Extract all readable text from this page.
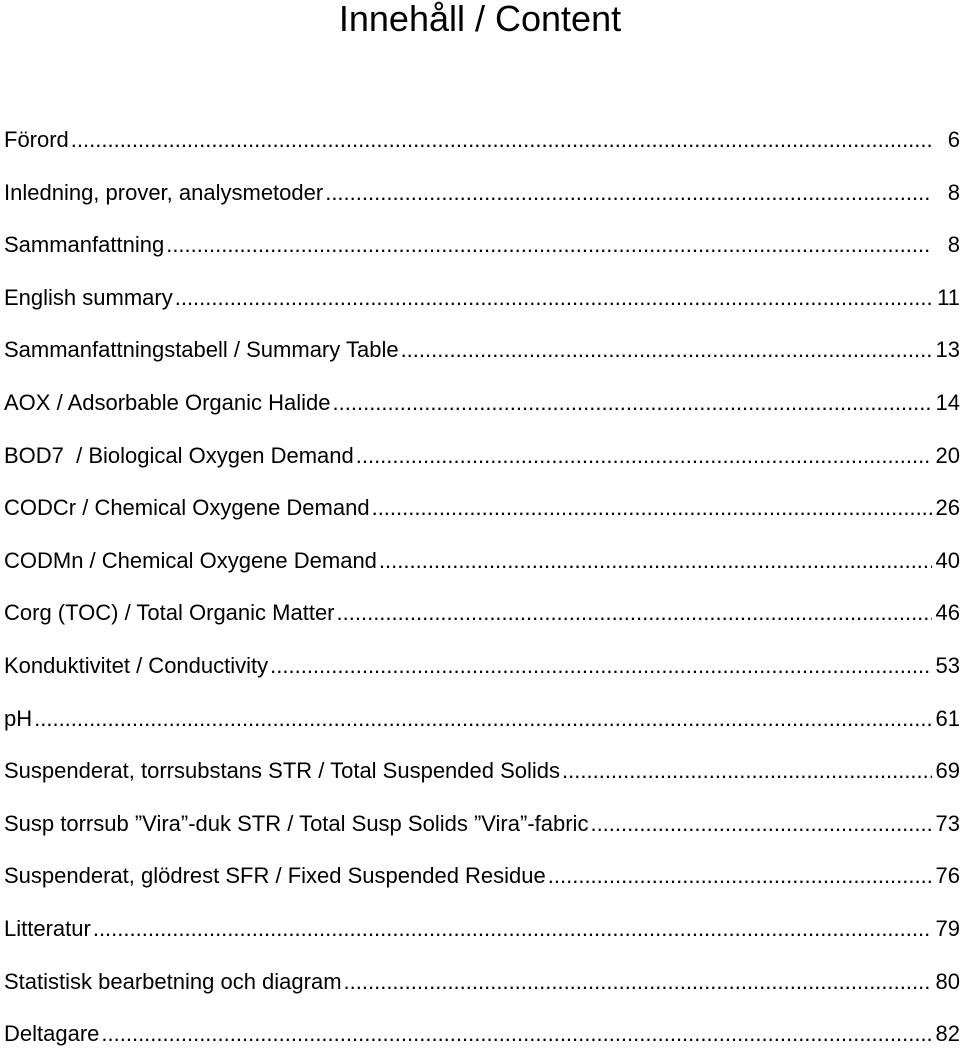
Innehåll / Content
Förord .....	6
Inledning, prover, analysmetoder .....	8
Sammanfattning .....	8
English summary .....	11
Sammanfattningstabell / Summary Table .....	13
AOX / Adsorbable Organic Halide .....	14
BOD7  / Biological Oxygen Demand .....	20
CODCr / Chemical Oxygene Demand .....	26
CODMn / Chemical Oxygene Demand .....	40
Corg (TOC) / Total Organic Matter .....	46
Konduktivitet / Conductivity .....	53
pH .....	61
Suspenderat, torrsubstans STR / Total Suspended Solids .....	69
Susp torrsub ”Vira”-duk STR / Total Susp Solids ”Vira”-fabric .....	73
Suspenderat, glödrest SFR / Fixed Suspended Residue .....	76
Litteratur .....	79
Statistisk bearbetning och diagram .....	80
Deltagare .....	82
